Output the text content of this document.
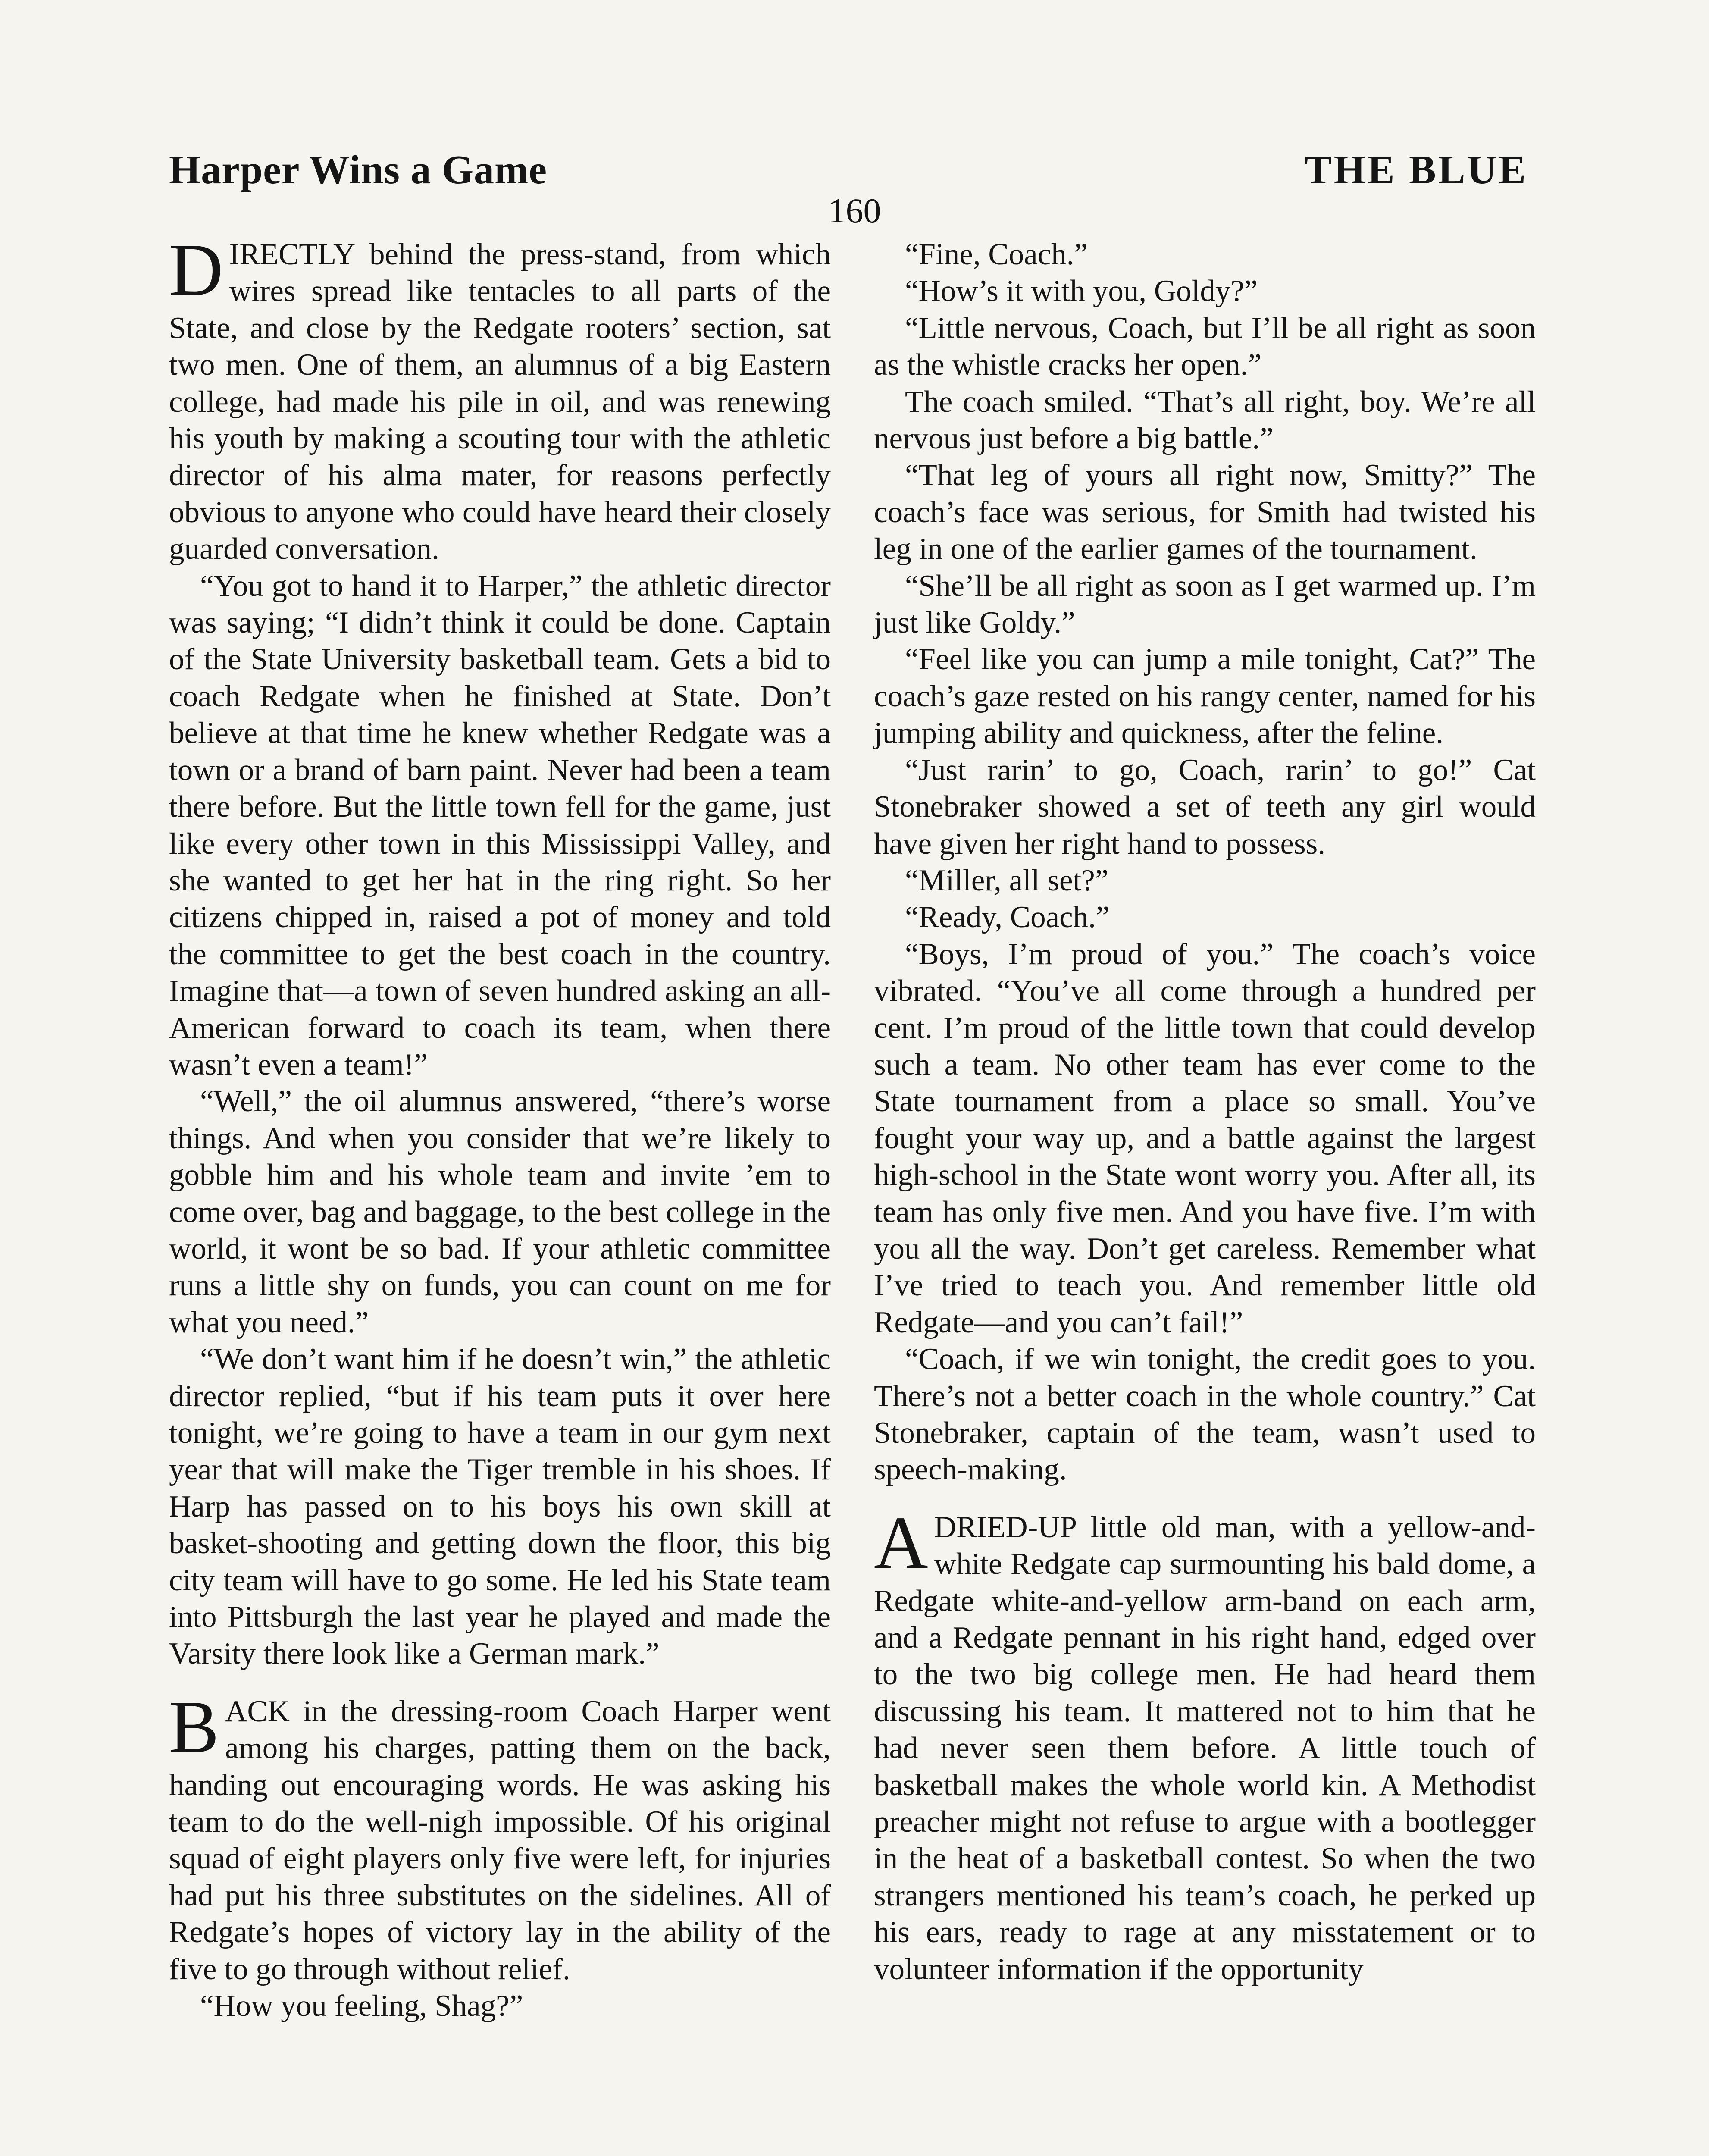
Harper Wins a Game	THE BLUE
160

DIRECTLY behind the press-stand, from which wires spread like tentacles to all parts of the State, and close by the Redgate rooters’ section, sat two men. One of them, an alumnus of a big Eastern college, had made his pile in oil, and was renewing his youth by making a scouting tour with the athletic director of his alma mater, for reasons perfectly obvious to anyone who could have heard their closely guarded conversation.

“You got to hand it to Harper,” the athletic director was saying; “I didn’t think it could be done. Captain of the State University basketball team. Gets a bid to coach Redgate when he finished at State. Don’t believe at that time he knew whether Redgate was a town or a brand of barn paint. Never had been a team there before. But the little town fell for the game, just like every other town in this Mississippi Valley, and she wanted to get her hat in the ring right. So her citizens chipped in, raised a pot of money and told the committee to get the best coach in the country. Imagine that—a town of seven hundred asking an all-American forward to coach its team, when there wasn’t even a team!”

“Well,” the oil alumnus answered, “there’s worse things. And when you consider that we’re likely to gobble him and his whole team and invite ’em to come over, bag and baggage, to the best college in the world, it wont be so bad. If your athletic committee runs a little shy on funds, you can count on me for what you need.”

“We don’t want him if he doesn’t win,” the athletic director replied, “but if his team puts it over here tonight, we’re going to have a team in our gym next year that will make the Tiger tremble in his shoes. If Harp has passed on to his boys his own skill at basket-shooting and getting down the floor, this big city team will have to go some. He led his State team into Pittsburgh the last year he played and made the Varsity there look like a German mark.”

BACK in the dressing-room Coach Harper went among his charges, patting them on the back, handing out encouraging words. He was asking his team to do the well-nigh impossible. Of his original squad of eight players only five were left, for injuries had put his three substitutes on the sidelines. All of Redgate’s hopes of victory lay in the ability of the five to go through without relief.

“How you feeling, Shag?”

“Fine, Coach.”

“How’s it with you, Goldy?”

“Little nervous, Coach, but I’ll be all right as soon as the whistle cracks her open.”

The coach smiled. “That’s all right, boy. We’re all nervous just before a big battle.”

“That leg of yours all right now, Smitty?” The coach’s face was serious, for Smith had twisted his leg in one of the earlier games of the tournament.

“She’ll be all right as soon as I get warmed up. I’m just like Goldy.”

“Feel like you can jump a mile tonight, Cat?” The coach’s gaze rested on his rangy center, named for his jumping ability and quickness, after the feline.

“Just rarin’ to go, Coach, rarin’ to go!” Cat Stonebraker showed a set of teeth any girl would have given her right hand to possess.

“Miller, all set?”

“Ready, Coach.”

“Boys, I’m proud of you.” The coach’s voice vibrated. “You’ve all come through a hundred per cent. I’m proud of the little town that could develop such a team. No other team has ever come to the State tournament from a place so small. You’ve fought your way up, and a battle against the largest high-school in the State wont worry you. After all, its team has only five men. And you have five. I’m with you all the way. Don’t get careless. Remember what I’ve tried to teach you. And remember little old Redgate—and you can’t fail!”

“Coach, if we win tonight, the credit goes to you. There’s not a better coach in the whole country.” Cat Stonebraker, captain of the team, wasn’t used to speech-making.

ADRIED-UP little old man, with a yellow-and-white Redgate cap surmounting his bald dome, a Redgate white-and-yellow arm-band on each arm, and a Redgate pennant in his right hand, edged over to the two big college men. He had heard them discussing his team. It mattered not to him that he had never seen them before. A little touch of basketball makes the whole world kin. A Methodist preacher might not refuse to argue with a bootlegger in the heat of a basketball contest. So when the two strangers mentioned his team’s coach, he perked up his ears, ready to rage at any misstatement or to volunteer information if the opportunity
